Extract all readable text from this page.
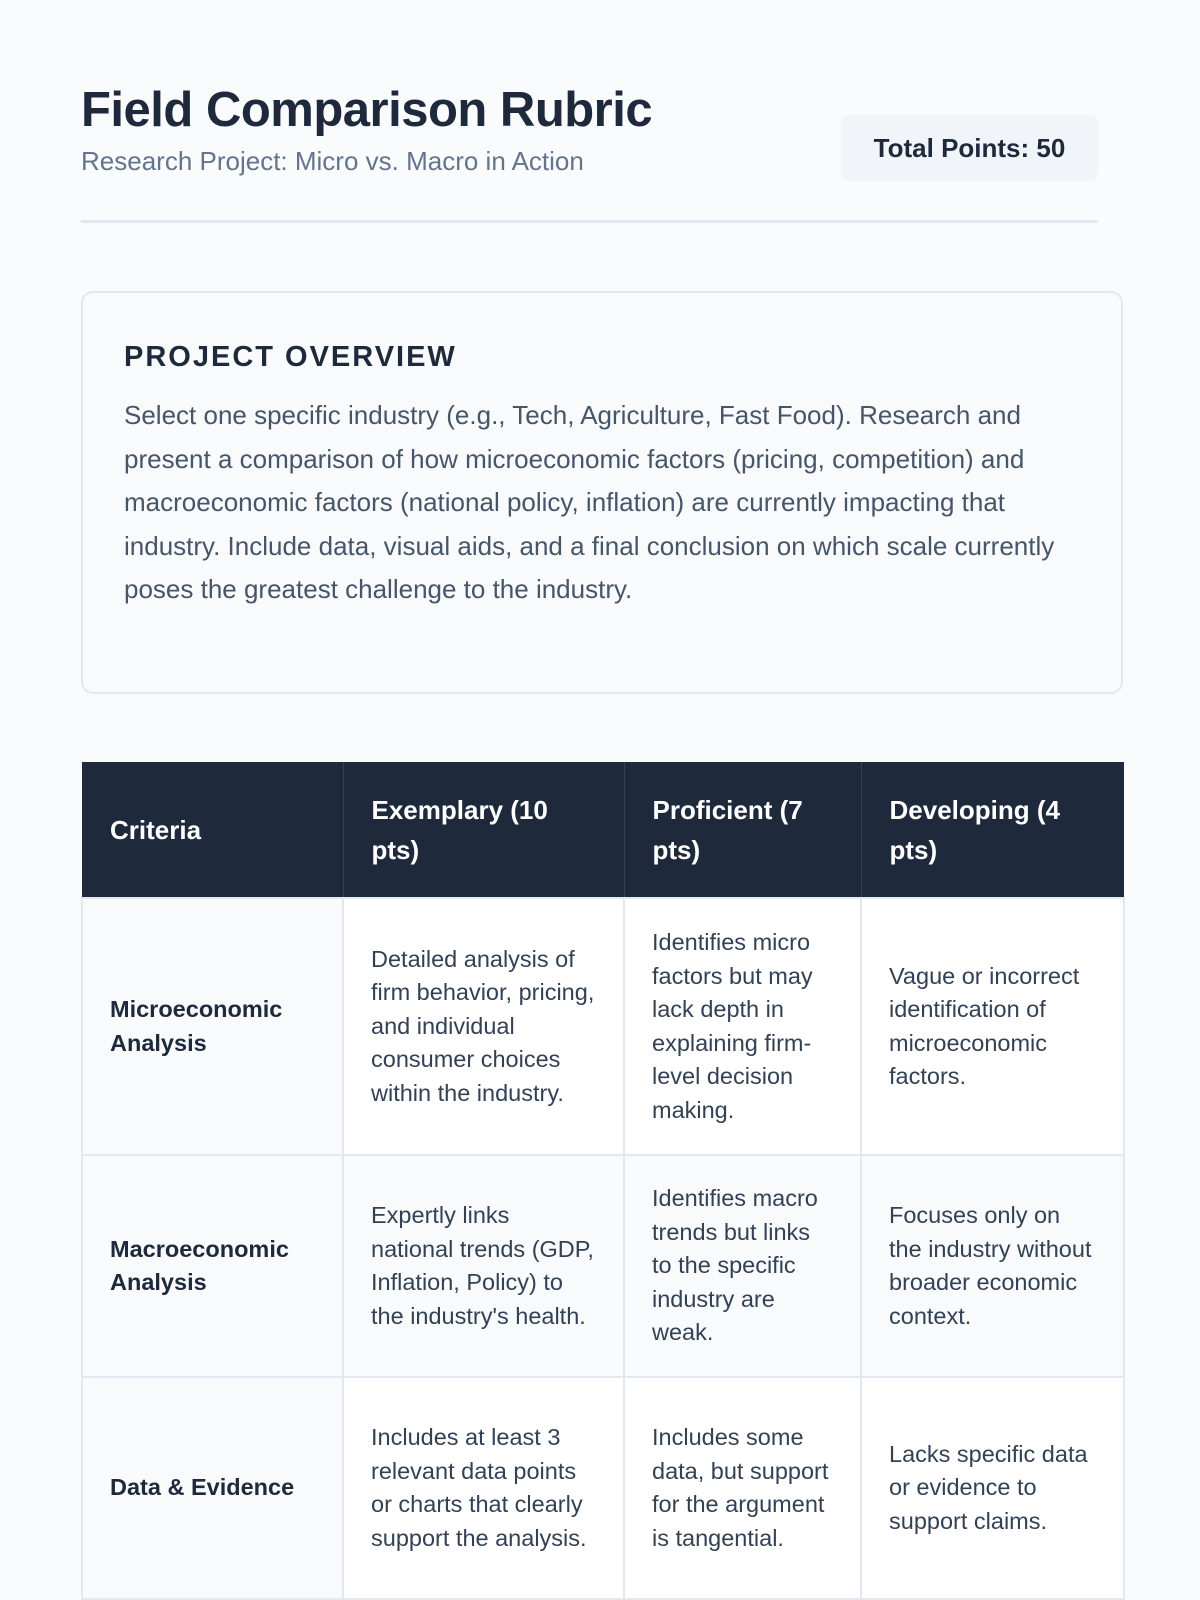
Field Comparison Rubric
Research Project: Micro vs. Macro in Action	Total Points: 50
PROJECT OVERVIEW

Select one specific industry (e.g., Tech, Agriculture, Fast Food). Research and present a comparison of how microeconomic factors (pricing, competition) and macroeconomic factors (national policy, inflation) are currently impacting that industry. Include data, visual aids, and a final conclusion on which scale currently poses the greatest challenge to the industry.

Criteria	Exemplary (10 pts)	Proficient (7 pts)	Developing (4 pts)
Microeconomic Analysis	Detailed analysis of firm behavior, pricing, and individual consumer choices within the industry.	Identifies micro factors but may lack depth in explaining firm-level decision making.	Vague or incorrect identification of microeconomic factors.
Macroeconomic Analysis	Expertly links national trends (GDP, Inflation, Policy) to the industry's health.	Identifies macro trends but links to the specific industry are weak.	Focuses only on the industry without broader economic context.
Data & Evidence	Includes at least 3 relevant data points or charts that clearly support the analysis.	Includes some data, but support for the argument is tangential.	Lacks specific data or evidence to support claims.
